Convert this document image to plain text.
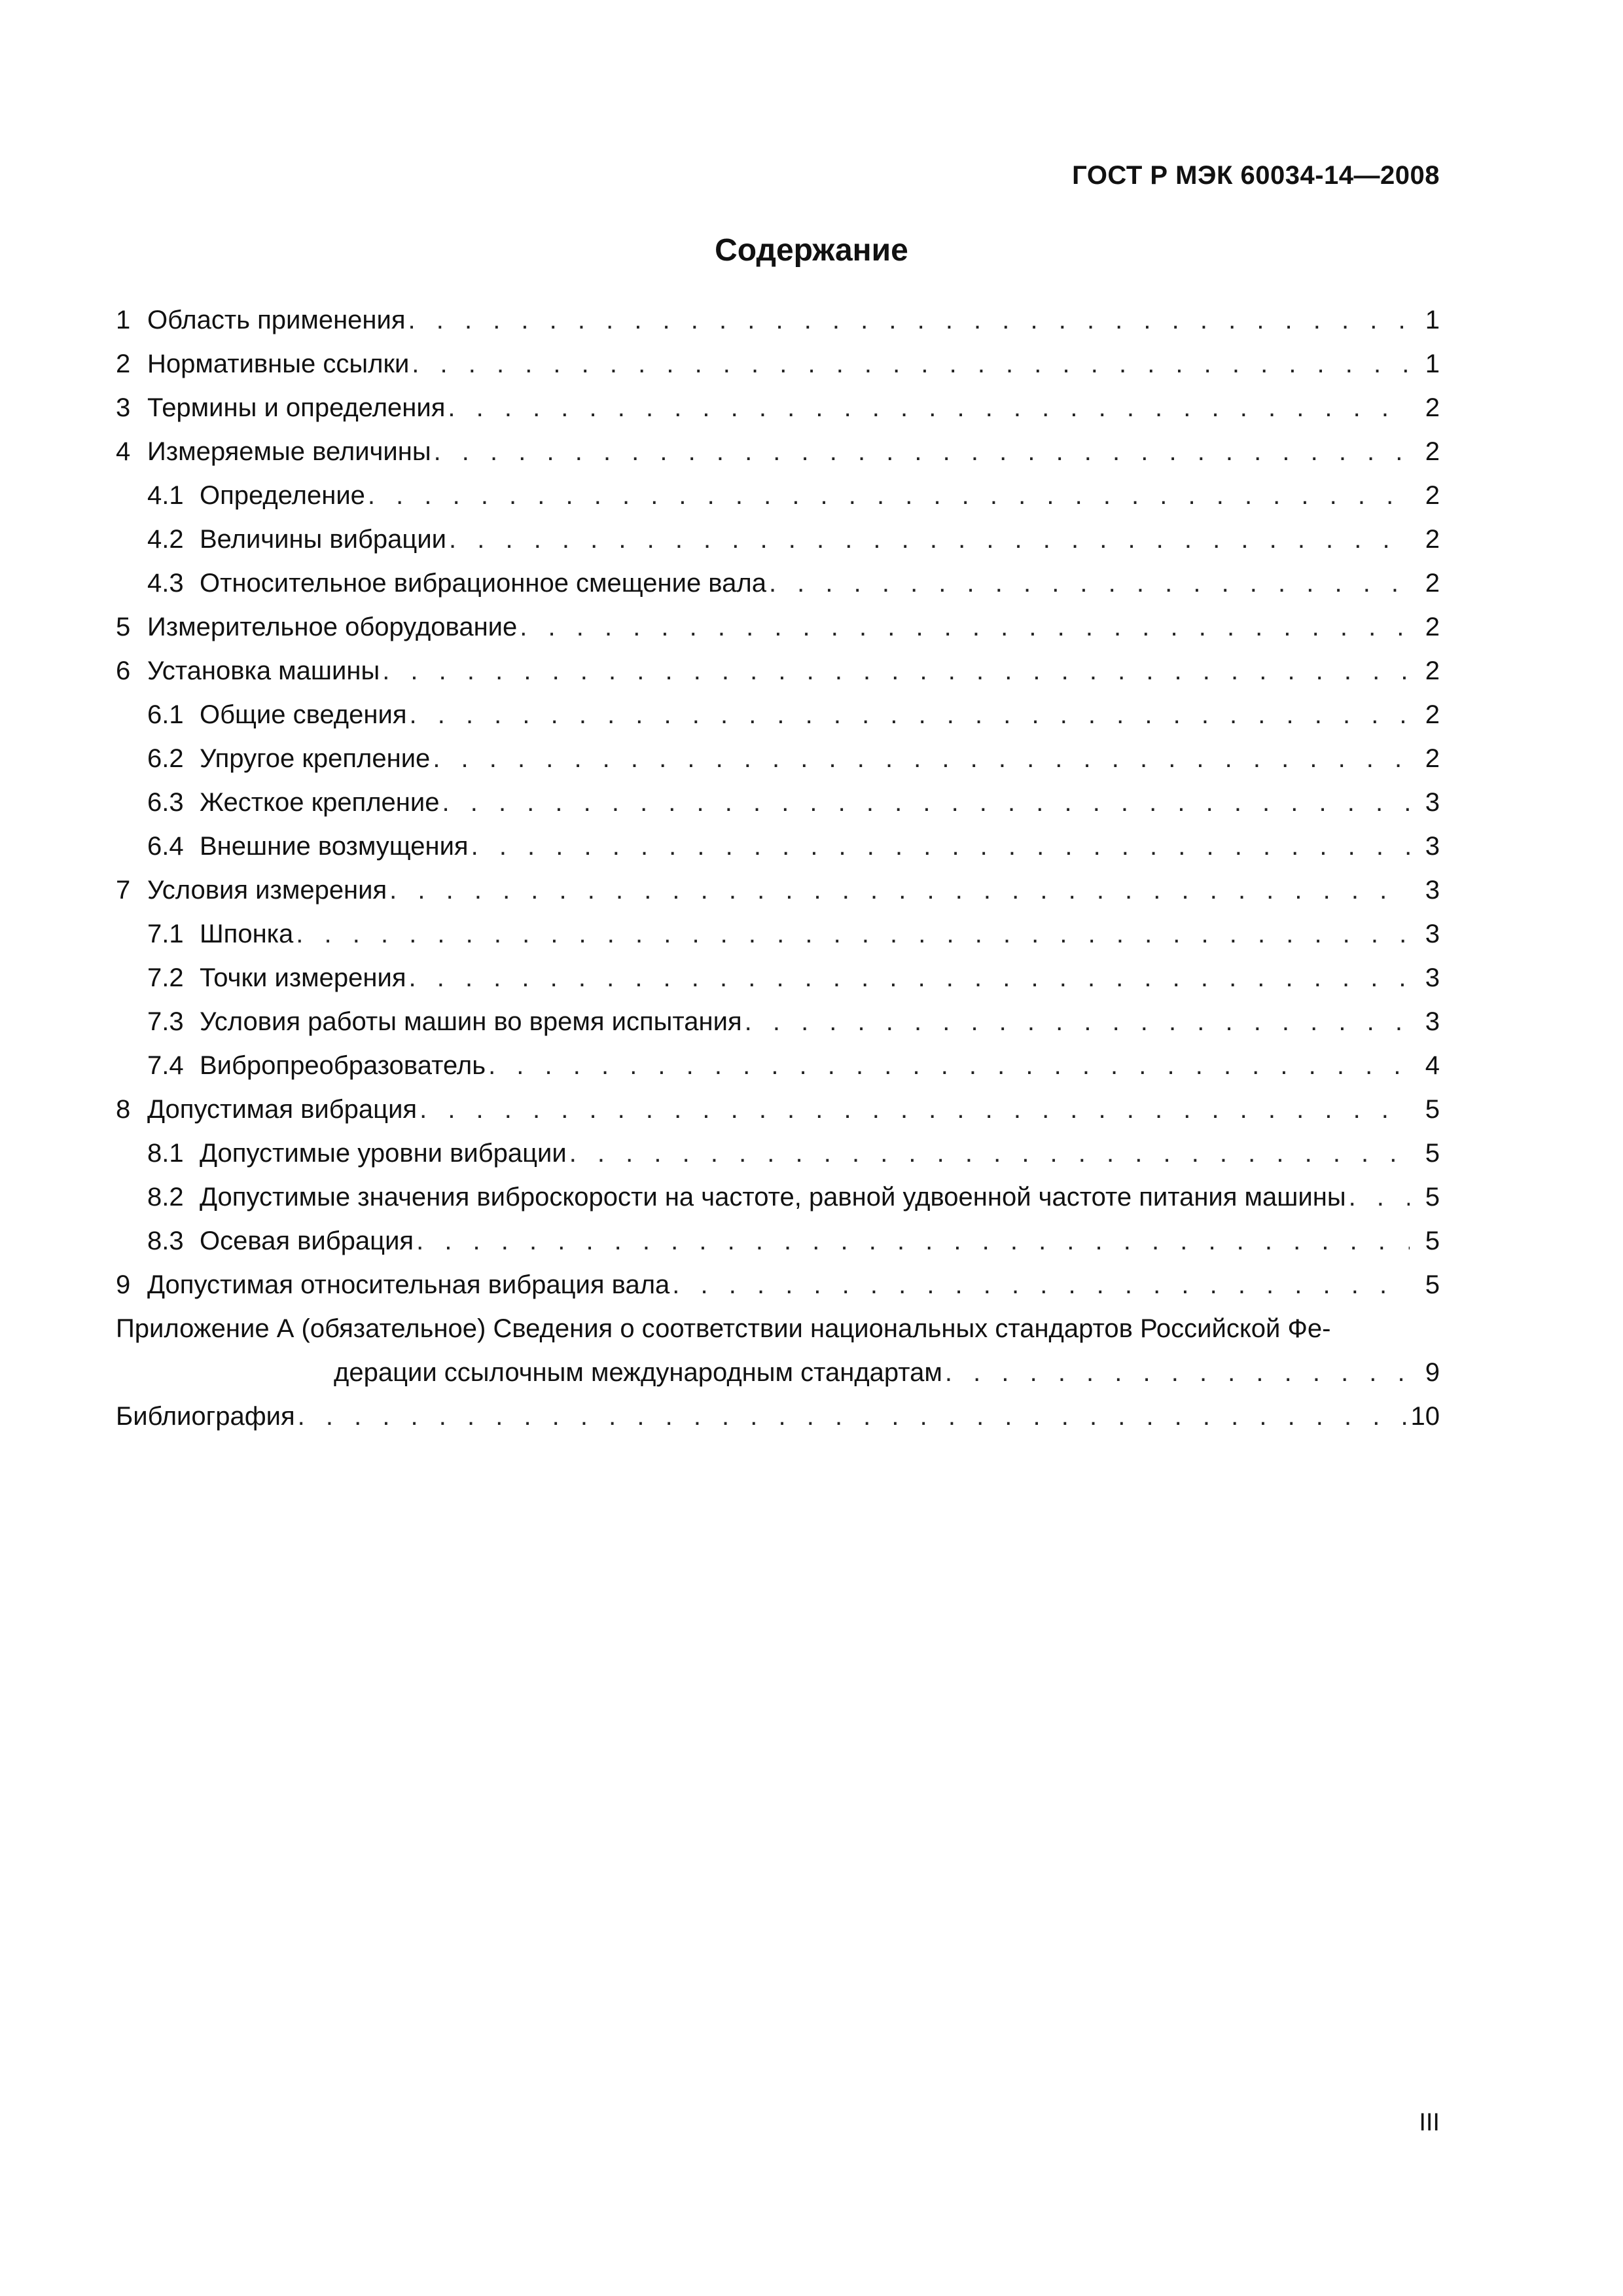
ГОСТ Р МЭК 60034-14—2008
Содержание
1 Область применения . . .	1
2 Нормативные ссылки . . .	1
3 Термины и определения . . .	2
4 Измеряемые величины . . .	2
4.1 Определение . . .	2
4.2 Величины вибрации . . .	2
4.3 Относительное вибрационное смещение вала . . .	2
5 Измерительное оборудование . . .	2
6 Установка машины . . .	2
6.1 Общие сведения . . .	2
6.2 Упругое крепление . . .	2
6.3 Жесткое крепление . . .	3
6.4 Внешние возмущения . . .	3
7 Условия измерения . . .	3
7.1 Шпонка . . .	3
7.2 Точки измерения . . .	3
7.3 Условия работы машин во время испытания . . .	3
7.4 Вибропреобразователь . . .	4
8 Допустимая вибрация . . .	5
8.1 Допустимые уровни вибрации . . .	5
8.2 Допустимые значения виброскорости на частоте, равной удвоенной частоте питания машины . . .	5
8.3 Осевая вибрация . . .	5
9 Допустимая относительная вибрация вала . . .	5
Приложение А (обязательное) Сведения о соответствии национальных стандартов Российской Фе-
дерации ссылочным международным стандартам . . .	9
Библиография . . .	10
III
